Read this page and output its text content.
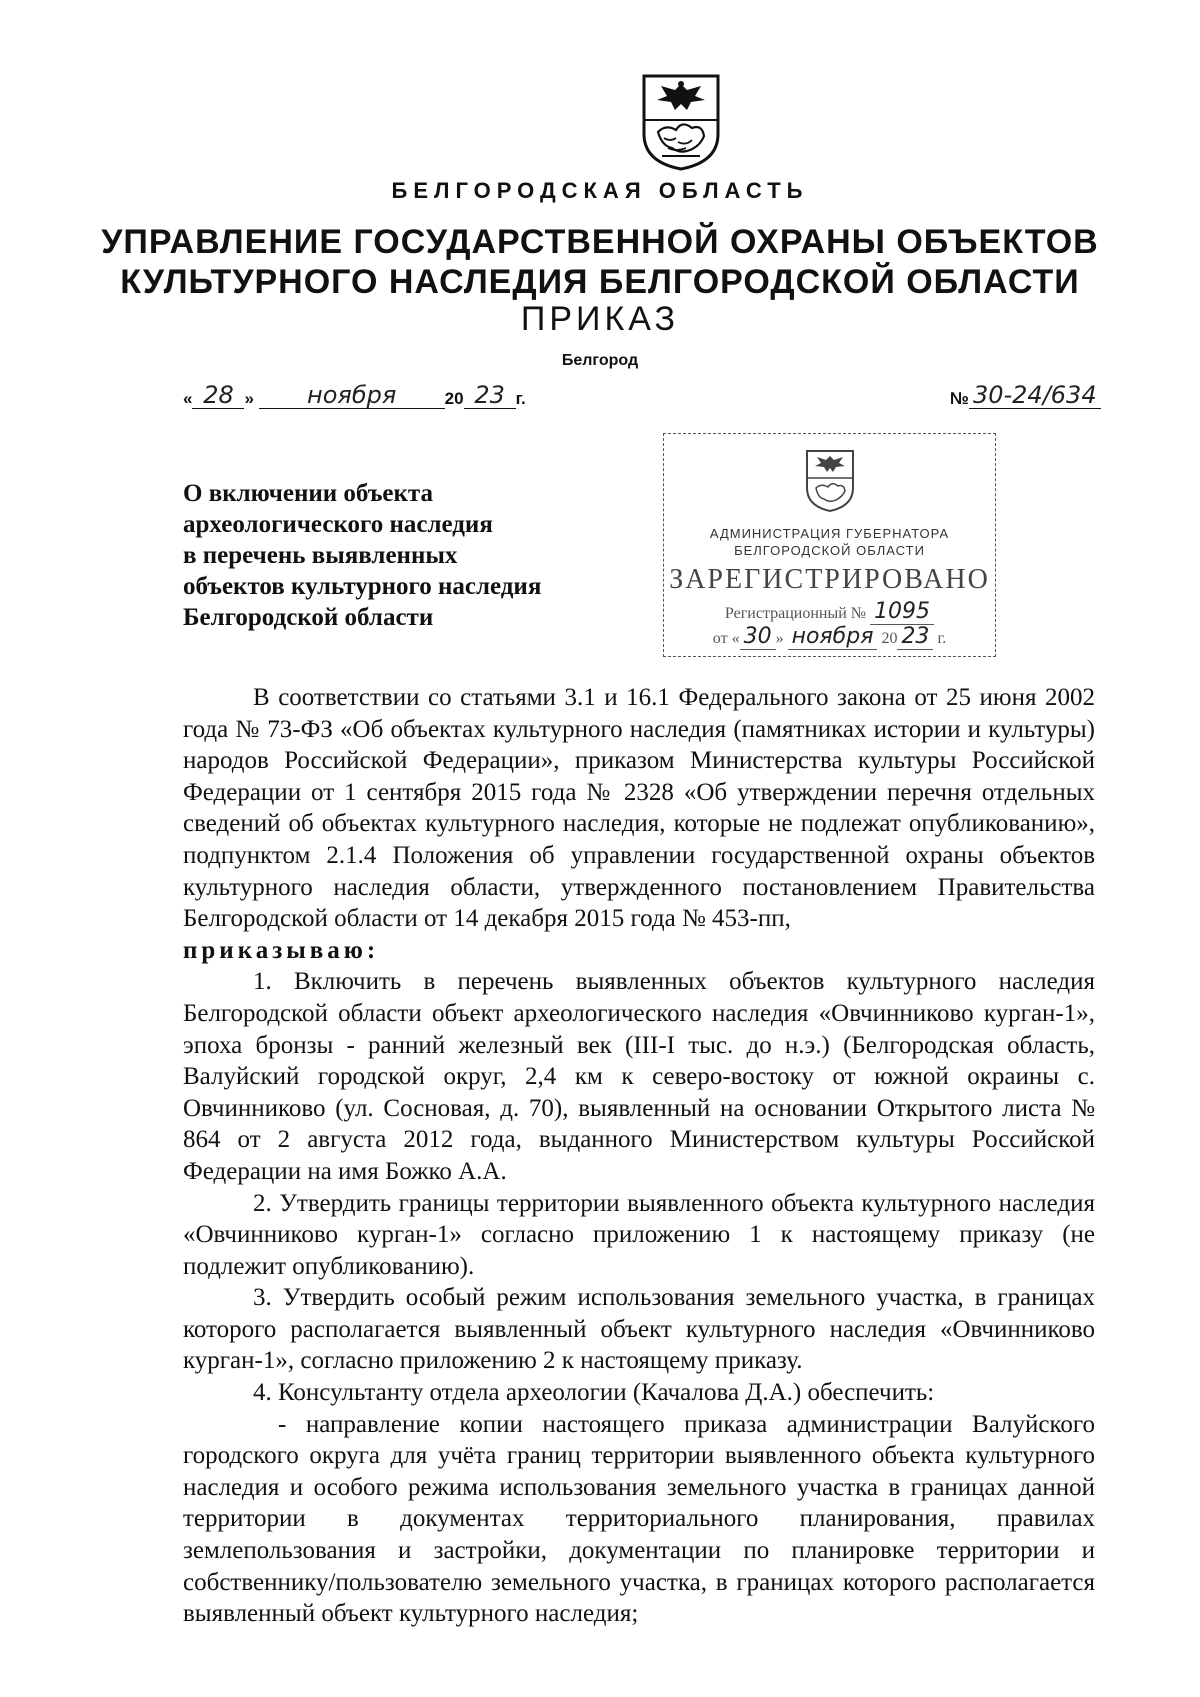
БЕЛГОРОДСКАЯ ОБЛАСТЬ
УПРАВЛЕНИЕ ГОСУДАРСТВЕННОЙ ОХРАНЫ ОБЪЕКТОВ
КУЛЬТУРНОГО НАСЛЕДИЯ БЕЛГОРОДСКОЙ ОБЛАСТИ
ПРИКАЗ
Белгород
« 28 » ноября	20 23 г.	№ 30-24/634
О включении объекта
археологического наследия
в перечень выявленных
объектов культурного наследия
Белгородской области
АДМИНИСТРАЦИЯ ГУБЕРНАТОРА
БЕЛГОРОДСКОЙ ОБЛАСТИ
ЗАРЕГИСТРИРОВАНО
Регистрационный № 1095
от « 30 » ноября 20 23 г.

В соответствии со статьями 3.1 и 16.1 Федерального закона от 25 июня 2002 года № 73-ФЗ «Об объектах культурного наследия (памятниках истории и культуры) народов Российской Федерации», приказом Министерства культуры Российской Федерации от 1 сентября 2015 года № 2328 «Об утверждении перечня отдельных сведений об объектах культурного наследия, которые не подлежат опубликованию», подпунктом 2.1.4 Положения об управлении государственной охраны объектов культурного наследия области, утвержденного постановлением Правительства Белгородской области от 14 декабря 2015 года № 453-пп,

приказываю:

1. Включить в перечень выявленных объектов культурного наследия Белгородской области объект археологического наследия «Овчинниково курган-1», эпоха бронзы - ранний железный век (III-I тыс. до н.э.) (Белгородская область, Валуйский городской округ, 2,4 км к северо-востоку от южной окраины с. Овчинниково (ул. Сосновая, д. 70), выявленный на основании Открытого листа № 864 от 2 августа 2012 года, выданного Министерством культуры Российской Федерации на имя Божко А.А.

2. Утвердить границы территории выявленного объекта культурного наследия «Овчинниково курган-1» согласно приложению 1 к настоящему приказу (не подлежит опубликованию).

3. Утвердить особый режим использования земельного участка, в границах которого располагается выявленный объект культурного наследия «Овчинниково курган-1», согласно приложению 2 к настоящему приказу.

4. Консультанту отдела археологии (Качалова Д.А.) обеспечить:

- направление копии настоящего приказа администрации Валуйского городского округа для учёта границ территории выявленного объекта культурного наследия и особого режима использования земельного участка в границах данной территории в документах территориального планирования, правилах землепользования и застройки, документации по планировке территории и собственнику/пользователю земельного участка, в границах которого располагается выявленный объект культурного наследия;
